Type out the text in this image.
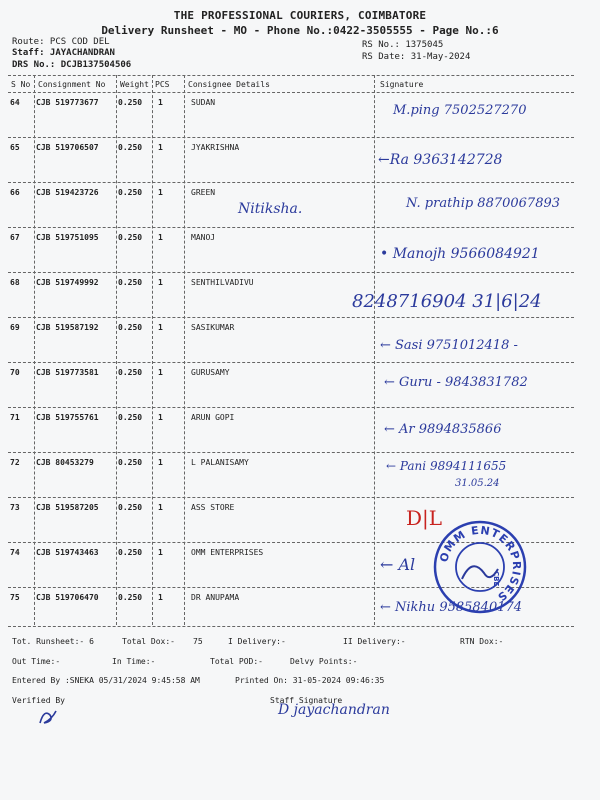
THE PROFESSIONAL COURIERS, COIMBATORE
Delivery Runsheet - MO - Phone No.:0422-3505555 - Page No.:6
Route: PCS COD DEL
Staff: JAYACHANDRAN
DRS No.: DCJB137504506
RS No.: 1375045
RS Date: 31-May-2024
S No Consignment No Weight PCS Consignee Details	Signature
64 CJB 519773677 0.250 1	SUDAN
M.ping 7502527270
65 CJB 519706507 0.250 1	JYAKRISHNA
←Ra 9363142728
66 CJB 519423726 0.250 1	GREEN
Nitiksha.	N. prathip 8870067893
67 CJB 519751095 0.250 1	MANOJ
• Manojh 9566084921
68 CJB 519749992 0.250 1	SENTHILVADIVU
8248716904 31|6|24
69 CJB 519587192 0.250 1	SASIKUMAR
← Sasi 9751012418 -
70 CJB 519773581 0.250 1	GURUSAMY
← Guru - 9843831782
71 CJB 519755761 0.250 1	ARUN GOPI
← Ar 9894835866
72 CJB 80453279	0.250 1	L PALANISAMY	← Pani 9894111655
31.05.24
73 CJB 519587205 0.250 1	ASS STORE	D|L
74 CJB 519743463 0.250 1	OMM ENTERPRISES
← Al
75 CJB 519706470 0.250 1	DR ANUPAMA
← Nikhu 9585840174
OMM ENTERPRISES
CBE
Tot. Runsheet:- 6	Total Dox:- 75	I Delivery:-	II Delivery:-	RTN Dox:-
Out Time:-	In Time:-	Total POD:-	Delvy Points:-
Entered By :SNEKA 05/31/2024 9:45:58 AM	Printed On: 31-05-2024 09:46:35
Verified By	Staff Signature
D jayachandran
